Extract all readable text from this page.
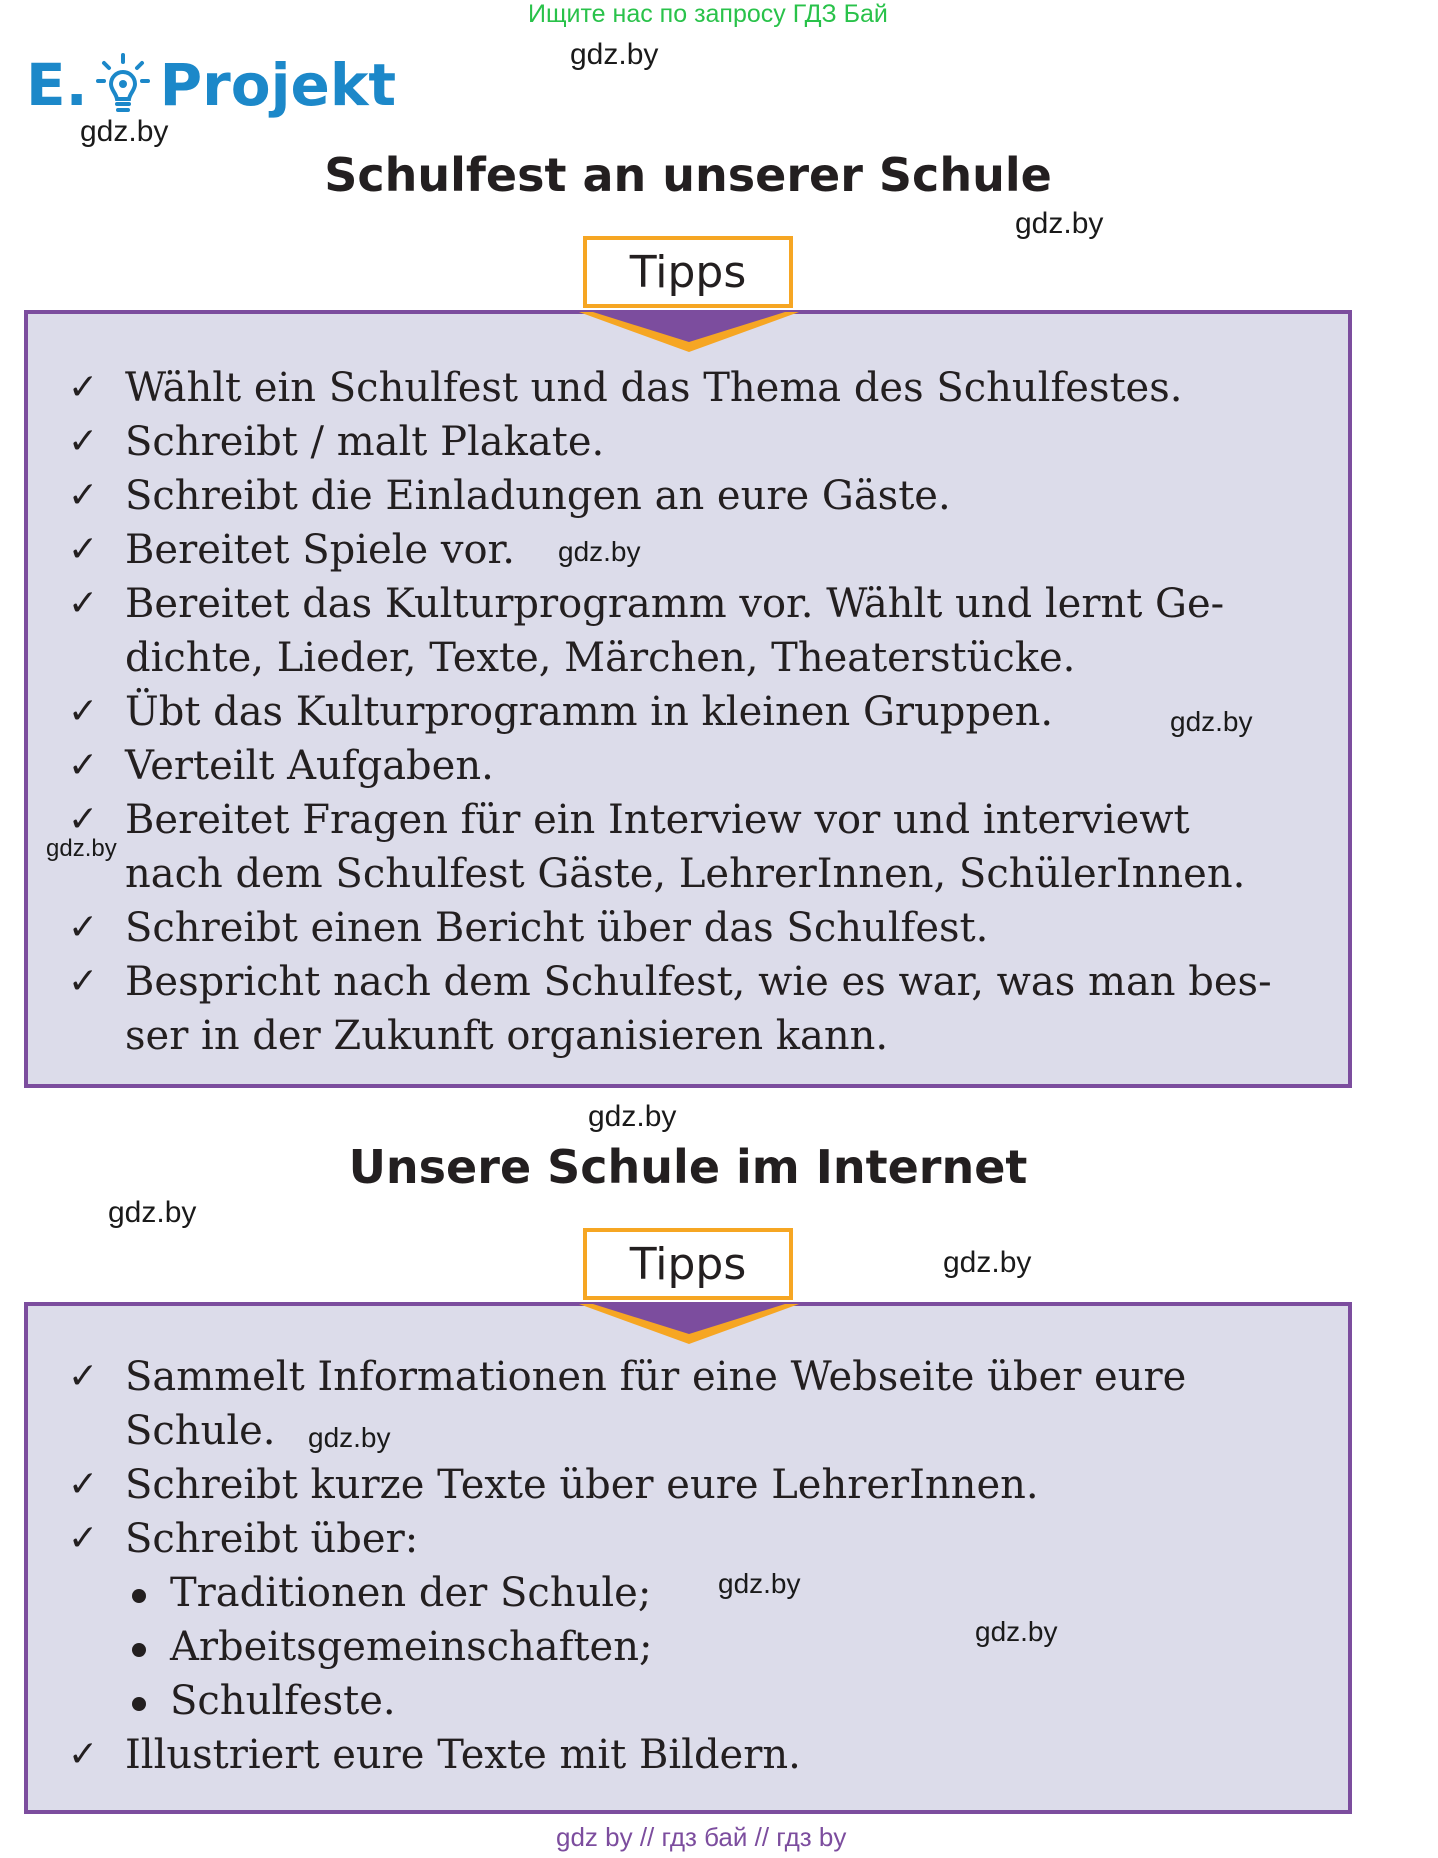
Ищите нас по запросу ГДЗ Бай
E. Projekt	gdz.by
gdz.by
gdz.by
Schulfest an unserer Schule
Tipps
✓ Wählt ein Schulfest und das Thema des Schulfestes.
✓ Schreibt / malt Plakate.
✓ Schreibt die Einladungen an eure Gäste.
✓ Bereitet Spiele vor. gdz.by
✓ Bereitet das Kulturprogramm vor. Wählt und lernt Ge-
dichte, Lieder, Texte, Märchen, Theaterstücke.
✓ Übt das Kulturprogramm in kleinen Gruppen.	gdz.by
✓ Verteilt Aufgaben.
✓ Bereitet Fragen für ein Interview vor und interviewt
gdz.by
nach dem Schulfest Gäste, LehrerInnen, SchülerInnen.
✓ Schreibt einen Bericht über das Schulfest.
✓ Bespricht nach dem Schulfest, wie es war, was man bes-
ser in der Zukunft organisieren kann.
gdz.by
gdz.by
gdz.by
Unsere Schule im Internet
Tipps
✓ Sammelt Informationen für eine Webseite über eure
Schule. gdz.by
✓ Schreibt kurze Texte über eure LehrerInnen.
✓ Schreibt über:
Traditionen der Schule; gdz.by
Arbeitsgemeinschaften;	gdz.by
Schulfeste.
✓ Illustriert eure Texte mit Bildern.
gdz by // гдз бай // гдз by
